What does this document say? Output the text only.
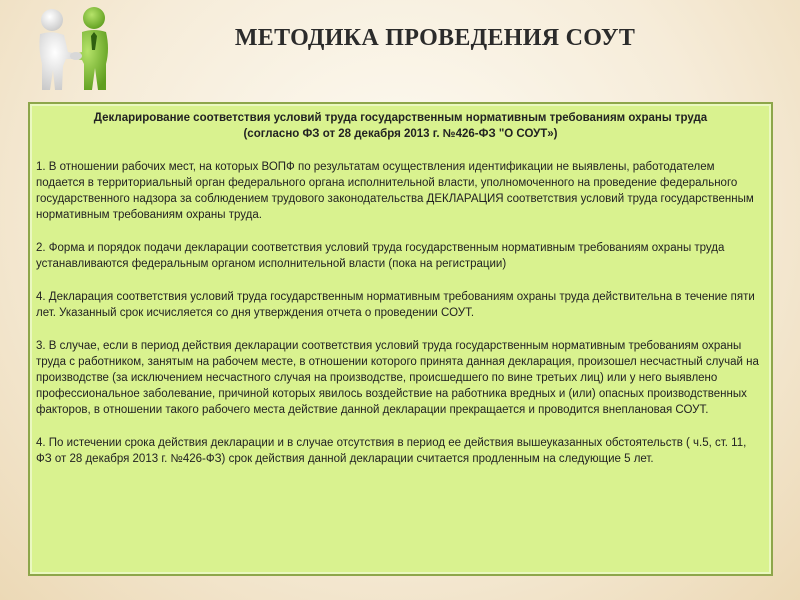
МЕТОДИКА ПРОВЕДЕНИЯ СОУТ
Декларирование соответствия условий труда государственным нормативным требованиям охраны труда
(согласно ФЗ от 28 декабря 2013 г. №426-ФЗ "О СОУТ»)

1. В отношении рабочих мест, на которых ВОПФ по результатам осуществления идентификации не выявлены, работодателем подается в территориальный орган федерального органа исполнительной власти, уполномоченного на проведение федерального государственного надзора за соблюдением трудового законодательства ДЕКЛАРАЦИЯ соответствия условий труда государственным нормативным требованиям охраны труда.

2. Форма и порядок подачи декларации соответствия условий труда государственным нормативным требованиям охраны труда устанавливаются федеральным органом исполнительной власти (пока на регистрации)

4. Декларация соответствия условий труда государственным нормативным требованиям охраны труда действительна в течение пяти лет. Указанный срок исчисляется со дня утверждения отчета о проведении СОУТ.

3. В случае, если в период действия декларации соответствия условий труда государственным нормативным требованиям охраны труда с работником, занятым на рабочем месте, в отношении которого принята данная декларация, произошел несчастный случай на производстве (за исключением несчастного случая на производстве, происшедшего по вине третьих лиц) или у него выявлено профессиональное заболевание, причиной которых явилось воздействие на работника вредных и (или) опасных производственных факторов, в отношении такого рабочего места действие данной декларации прекращается и проводится внеплановая СОУТ.

4. По истечении срока действия декларации и в случае отсутствия в период ее действия вышеуказанных обстоятельств ( ч.5, ст. 11, ФЗ от 28 декабря 2013 г. №426-ФЗ) срок действия данной декларации считается продленным на следующие 5 лет.
